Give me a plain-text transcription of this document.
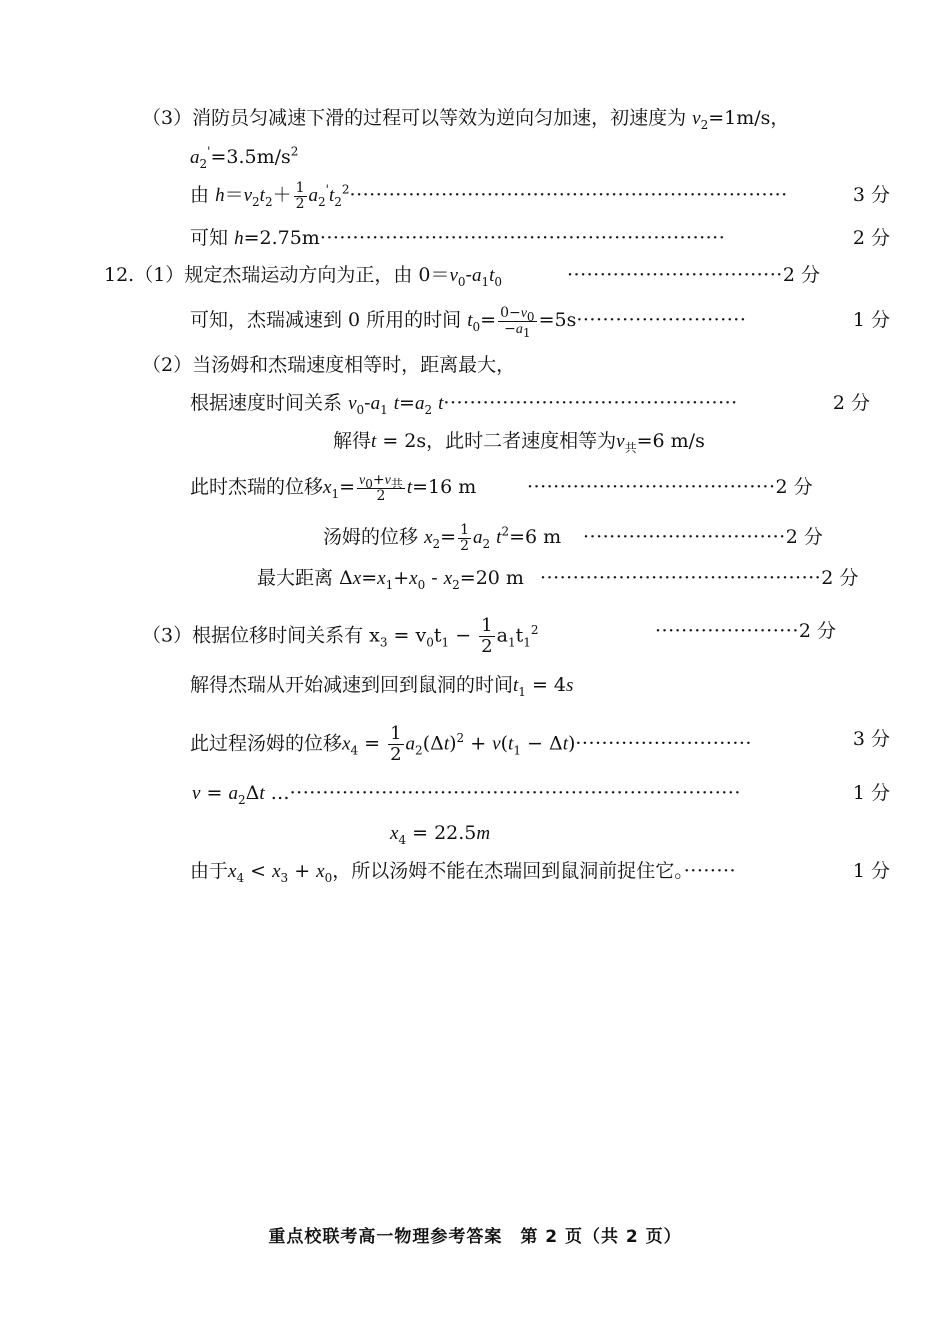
（3）消防员匀减速下滑的过程可以等效为逆向匀加速，初速度为 $v_2=1m/s$，
$a_2'=3.5m/s^2$
由 $h=v_2t_2+ \frac{1}{2} a_2't_2^2\cdot\cdot\cdot\cdot\cdot\cdot\cdot\cdot\cdot\cdot\cdot\cdot\cdot\cdot\cdot\cdot\cdot\cdot\cdot\cdot\cdot\cdot\cdot\cdot\cdot\cdot\cdot\cdot\cdot\cdot\cdot\cdot\cdot\cdot\cdot\cdot\cdot\cdot\cdot\cdot\cdot\cdot\cdot\cdot\cdot\cdot\cdot\cdot\cdot\cdot\cdot\cdot\cdot\cdot\cdot\cdot\cdot\cdot\cdot\cdot\cdot\cdot\cdot\cdot\cdot\cdot\cdot$	3 分
可知 h=2.75m······························································	2 分
12.（1）规定杰瑞运动方向为正，由 $0=v_0-a_1t_0$	·································2 分
可知，杰瑞减速到 0 所用的时间 $t_0= \frac{0-v_0}{-a_1} =5s\cdot\cdot\cdot\cdot\cdot\cdot\cdot\cdot\cdot\cdot\cdot\cdot\cdot\cdot\cdot\cdot\cdot\cdot\cdot\cdot\cdot\cdot\cdot\cdot\cdot\cdot$	1 分
（2）当汤姆和杰瑞速度相等时，距离最大，
根据速度时间关系 $v_0-a_1$ $t=a_2$ t·············································	2 分
解得t = 2s，此时二者速度相等为$v_共=6$ m/s
此时杰瑞的位移$x_1= \frac{v_0+v_共}{2} t=16$ m	······································2 分
汤姆的位移 $x_2= \frac{1}{2} a_2$ $t^2=6$ m ·······························2 分
最大距离 $\Delta x=x_1+x_0 - x_2=20$ m ···········································2 分
（3）根据位移时间关系有 $x_3 = v_0t_1 - \frac{1}{2} a_1t_1^2$	······················2 分
解得杰瑞从开始减速到回到鼠洞的时间$t_1 = 4s$
此过程汤姆的位移$x_4 = \frac{1}{2} a_2(\Delta t)^2 + v(t_1 - \Delta t)\cdot\cdot\cdot\cdot\cdot\cdot\cdot\cdot\cdot\cdot\cdot\cdot\cdot\cdot\cdot\cdot\cdot\cdot\cdot\cdot\cdot\cdot\cdot\cdot\cdot\cdot\cdot$	3 分
$v = a_2\Delta t$ …·····································································	1 分
$x_4 = 22.5m$
由于$x_4 < x_3 + x_0$，所以汤姆不能在杰瑞回到鼠洞前捉住它。········	1 分
重点校联考高一物理参考答案　第 2 页（共 2 页）
